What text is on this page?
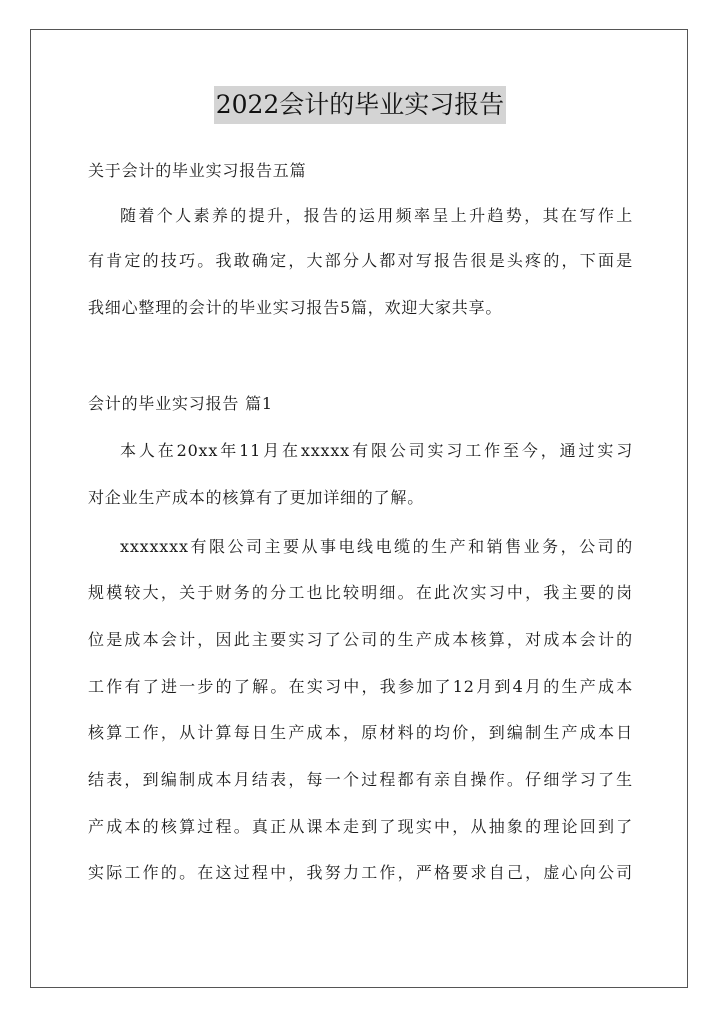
2022会计的毕业实习报告
关于会计的毕业实习报告五篇
随着个人素养的提升，报告的运用频率呈上升趋势，其在写作上
有肯定的技巧。我敢确定，大部分人都对写报告很是头疼的，下面是
我细心整理的会计的毕业实习报告5篇，欢迎大家共享。
会计的毕业实习报告 篇1
本人在20xx年11月在xxxxx有限公司实习工作至今，通过实习
对企业生产成本的核算有了更加详细的了解。
xxxxxxx有限公司主要从事电线电缆的生产和销售业务，公司的
规模较大，关于财务的分工也比较明细。在此次实习中，我主要的岗
位是成本会计，因此主要实习了公司的生产成本核算，对成本会计的
工作有了进一步的了解。在实习中，我参加了12月到4月的生产成本
核算工作，从计算每日生产成本，原材料的均价，到编制生产成本日
结表，到编制成本月结表，每一个过程都有亲自操作。仔细学习了生
产成本的核算过程。真正从课本走到了现实中，从抽象的理论回到了
实际工作的。在这过程中，我努力工作，严格要求自己，虚心向公司
